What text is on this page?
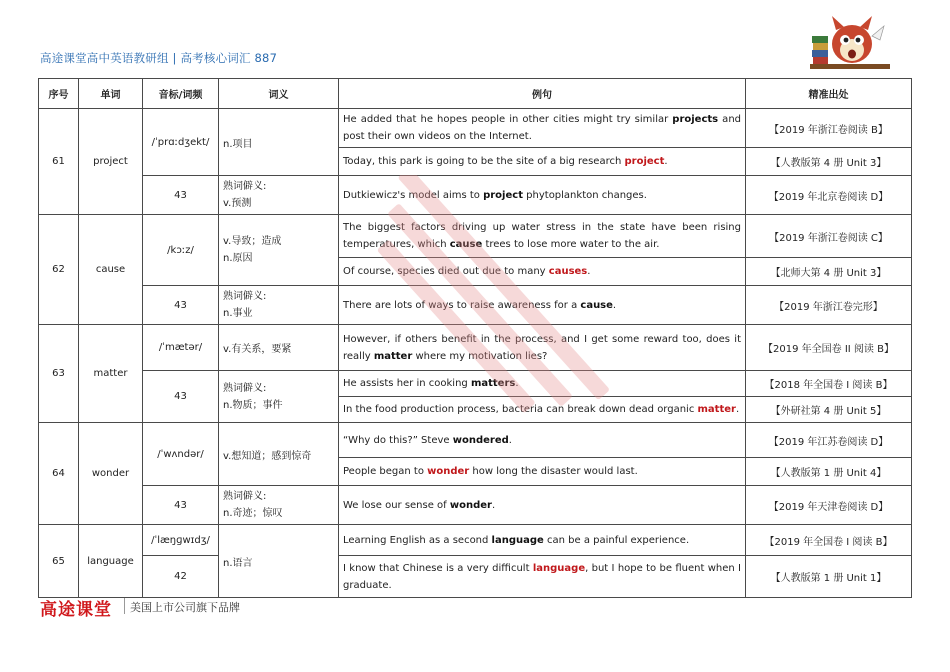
高途课堂高中英语教研组 | 高考核心词汇 887
序号	单词	音标/词频	词义	例句	精准出处
61	project	/ˈprɑːdʒekt/	n.项目	He added that he hopes people in other cities might try similar projects and post their own videos on the Internet.	【2019 年浙江卷阅读 B】
				Today, this park is going to be the site of a big research project.	【人教版第 4 册 Unit 3】
		43	熟词僻义:
v.预测	Dutkiewicz's model aims to project phytoplankton changes.	【2019 年北京卷阅读 D】
62	cause	/kɔːz/	v.导致；造成
n.原因	The biggest factors driving up water stress in the state have been rising temperatures, which cause trees to lose more water to the air.	【2019 年浙江卷阅读 C】
				Of course, species died out due to many causes.	【北师大第 4 册 Unit 3】
		43	熟词僻义:
n.事业	There are lots of ways to raise awareness for a cause.	【2019 年浙江卷完形】
63	matter	/ˈmætər/	v.有关系，要紧	However, if others benefit in the process, and I get some reward too, does it really matter where my motivation lies?	【2019 年全国卷 II 阅读 B】
		43	熟词僻义:
n.物质；事件	He assists her in cooking matters.	【2018 年全国卷 I 阅读 B】
				In the food production process, bacteria can break down dead organic matter.	【外研社第 4 册 Unit 5】
64	wonder	/ˈwʌndər/	v.想知道；感到惊奇	“Why do this?” Steve wondered.	【2019 年江苏卷阅读 D】
				People began to wonder how long the disaster would last.	【人教版第 1 册 Unit 4】
		43	熟词僻义:
n.奇迹；惊叹	We lose our sense of wonder.	【2019 年天津卷阅读 D】
65	language	/ˈlæŋɡwɪdʒ/	n.语言	Learning English as a second language can be a painful experience.	【2019 年全国卷 I 阅读 B】
		42		I know that Chinese is a very difficult language, but I hope to be fluent when I graduate.	【人教版第 1 册 Unit 1】
高途课堂 美国上市公司旗下品牌
